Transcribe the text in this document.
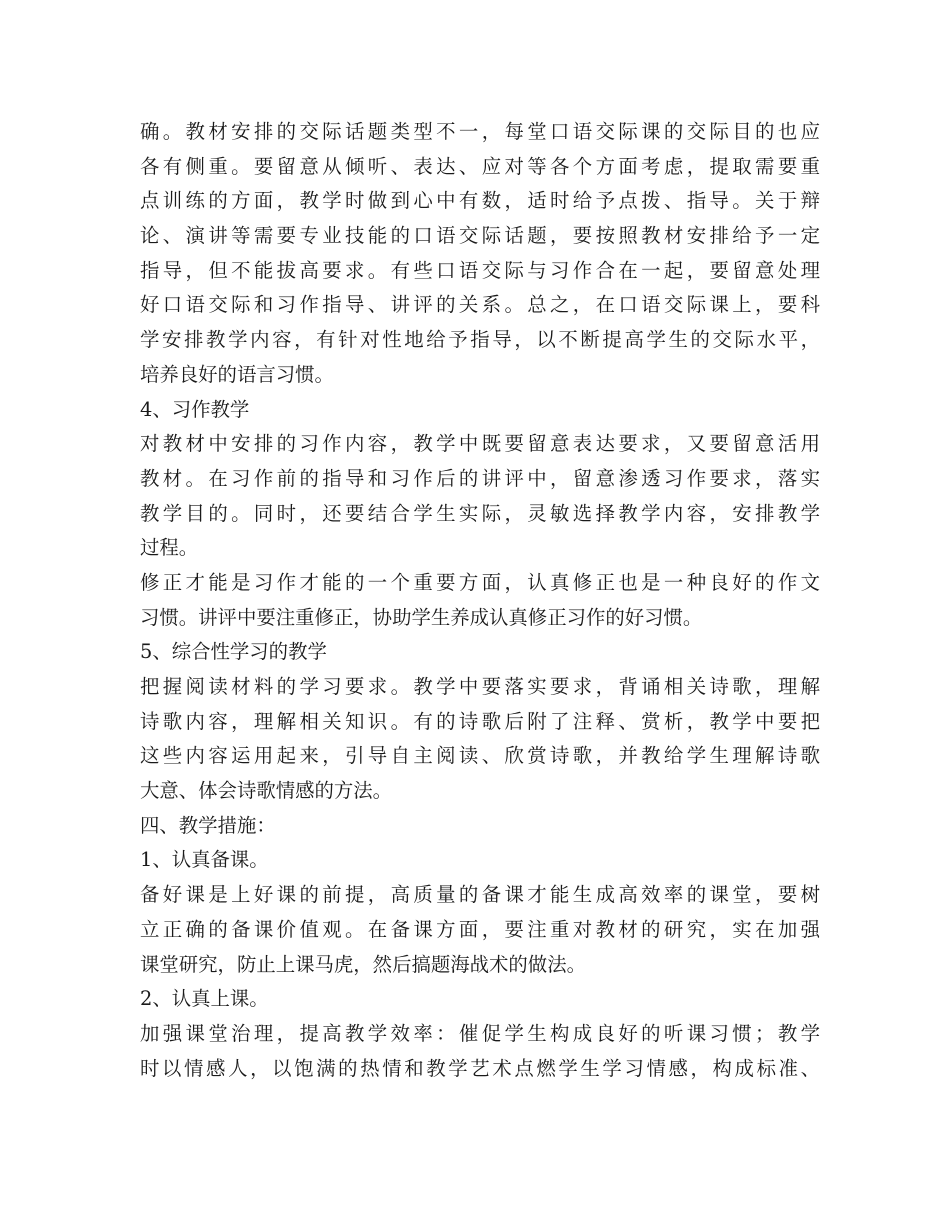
确。教材安排的交际话题类型不一，每堂口语交际课的交际目的也应
各有侧重。要留意从倾听、表达、应对等各个方面考虑，提取需要重
点训练的方面，教学时做到心中有数，适时给予点拨、指导。关于辩
论、演讲等需要专业技能的口语交际话题，要按照教材安排给予一定
指导，但不能拔高要求。有些口语交际与习作合在一起，要留意处理
好口语交际和习作指导、讲评的关系。总之，在口语交际课上，要科
学安排教学内容，有针对性地给予指导，以不断提高学生的交际水平，
培养良好的语言习惯。
4、习作教学
对教材中安排的习作内容，教学中既要留意表达要求，又要留意活用
教材。在习作前的指导和习作后的讲评中，留意渗透习作要求，落实
教学目的。同时，还要结合学生实际，灵敏选择教学内容，安排教学
过程。
修正才能是习作才能的一个重要方面，认真修正也是一种良好的作文
习惯。讲评中要注重修正，协助学生养成认真修正习作的好习惯。
5、综合性学习的教学
把握阅读材料的学习要求。教学中要落实要求，背诵相关诗歌，理解
诗歌内容，理解相关知识。有的诗歌后附了注释、赏析，教学中要把
这些内容运用起来，引导自主阅读、欣赏诗歌，并教给学生理解诗歌
大意、体会诗歌情感的方法。
四、教学措施：
1、认真备课。
备好课是上好课的前提，高质量的备课才能生成高效率的课堂，要树
立正确的备课价值观。在备课方面，要注重对教材的研究，实在加强
课堂研究，防止上课马虎，然后搞题海战术的做法。
2、认真上课。
加强课堂治理，提高教学效率：催促学生构成良好的听课习惯；教学
时以情感人，以饱满的热情和教学艺术点燃学生学习情感，构成标准、
